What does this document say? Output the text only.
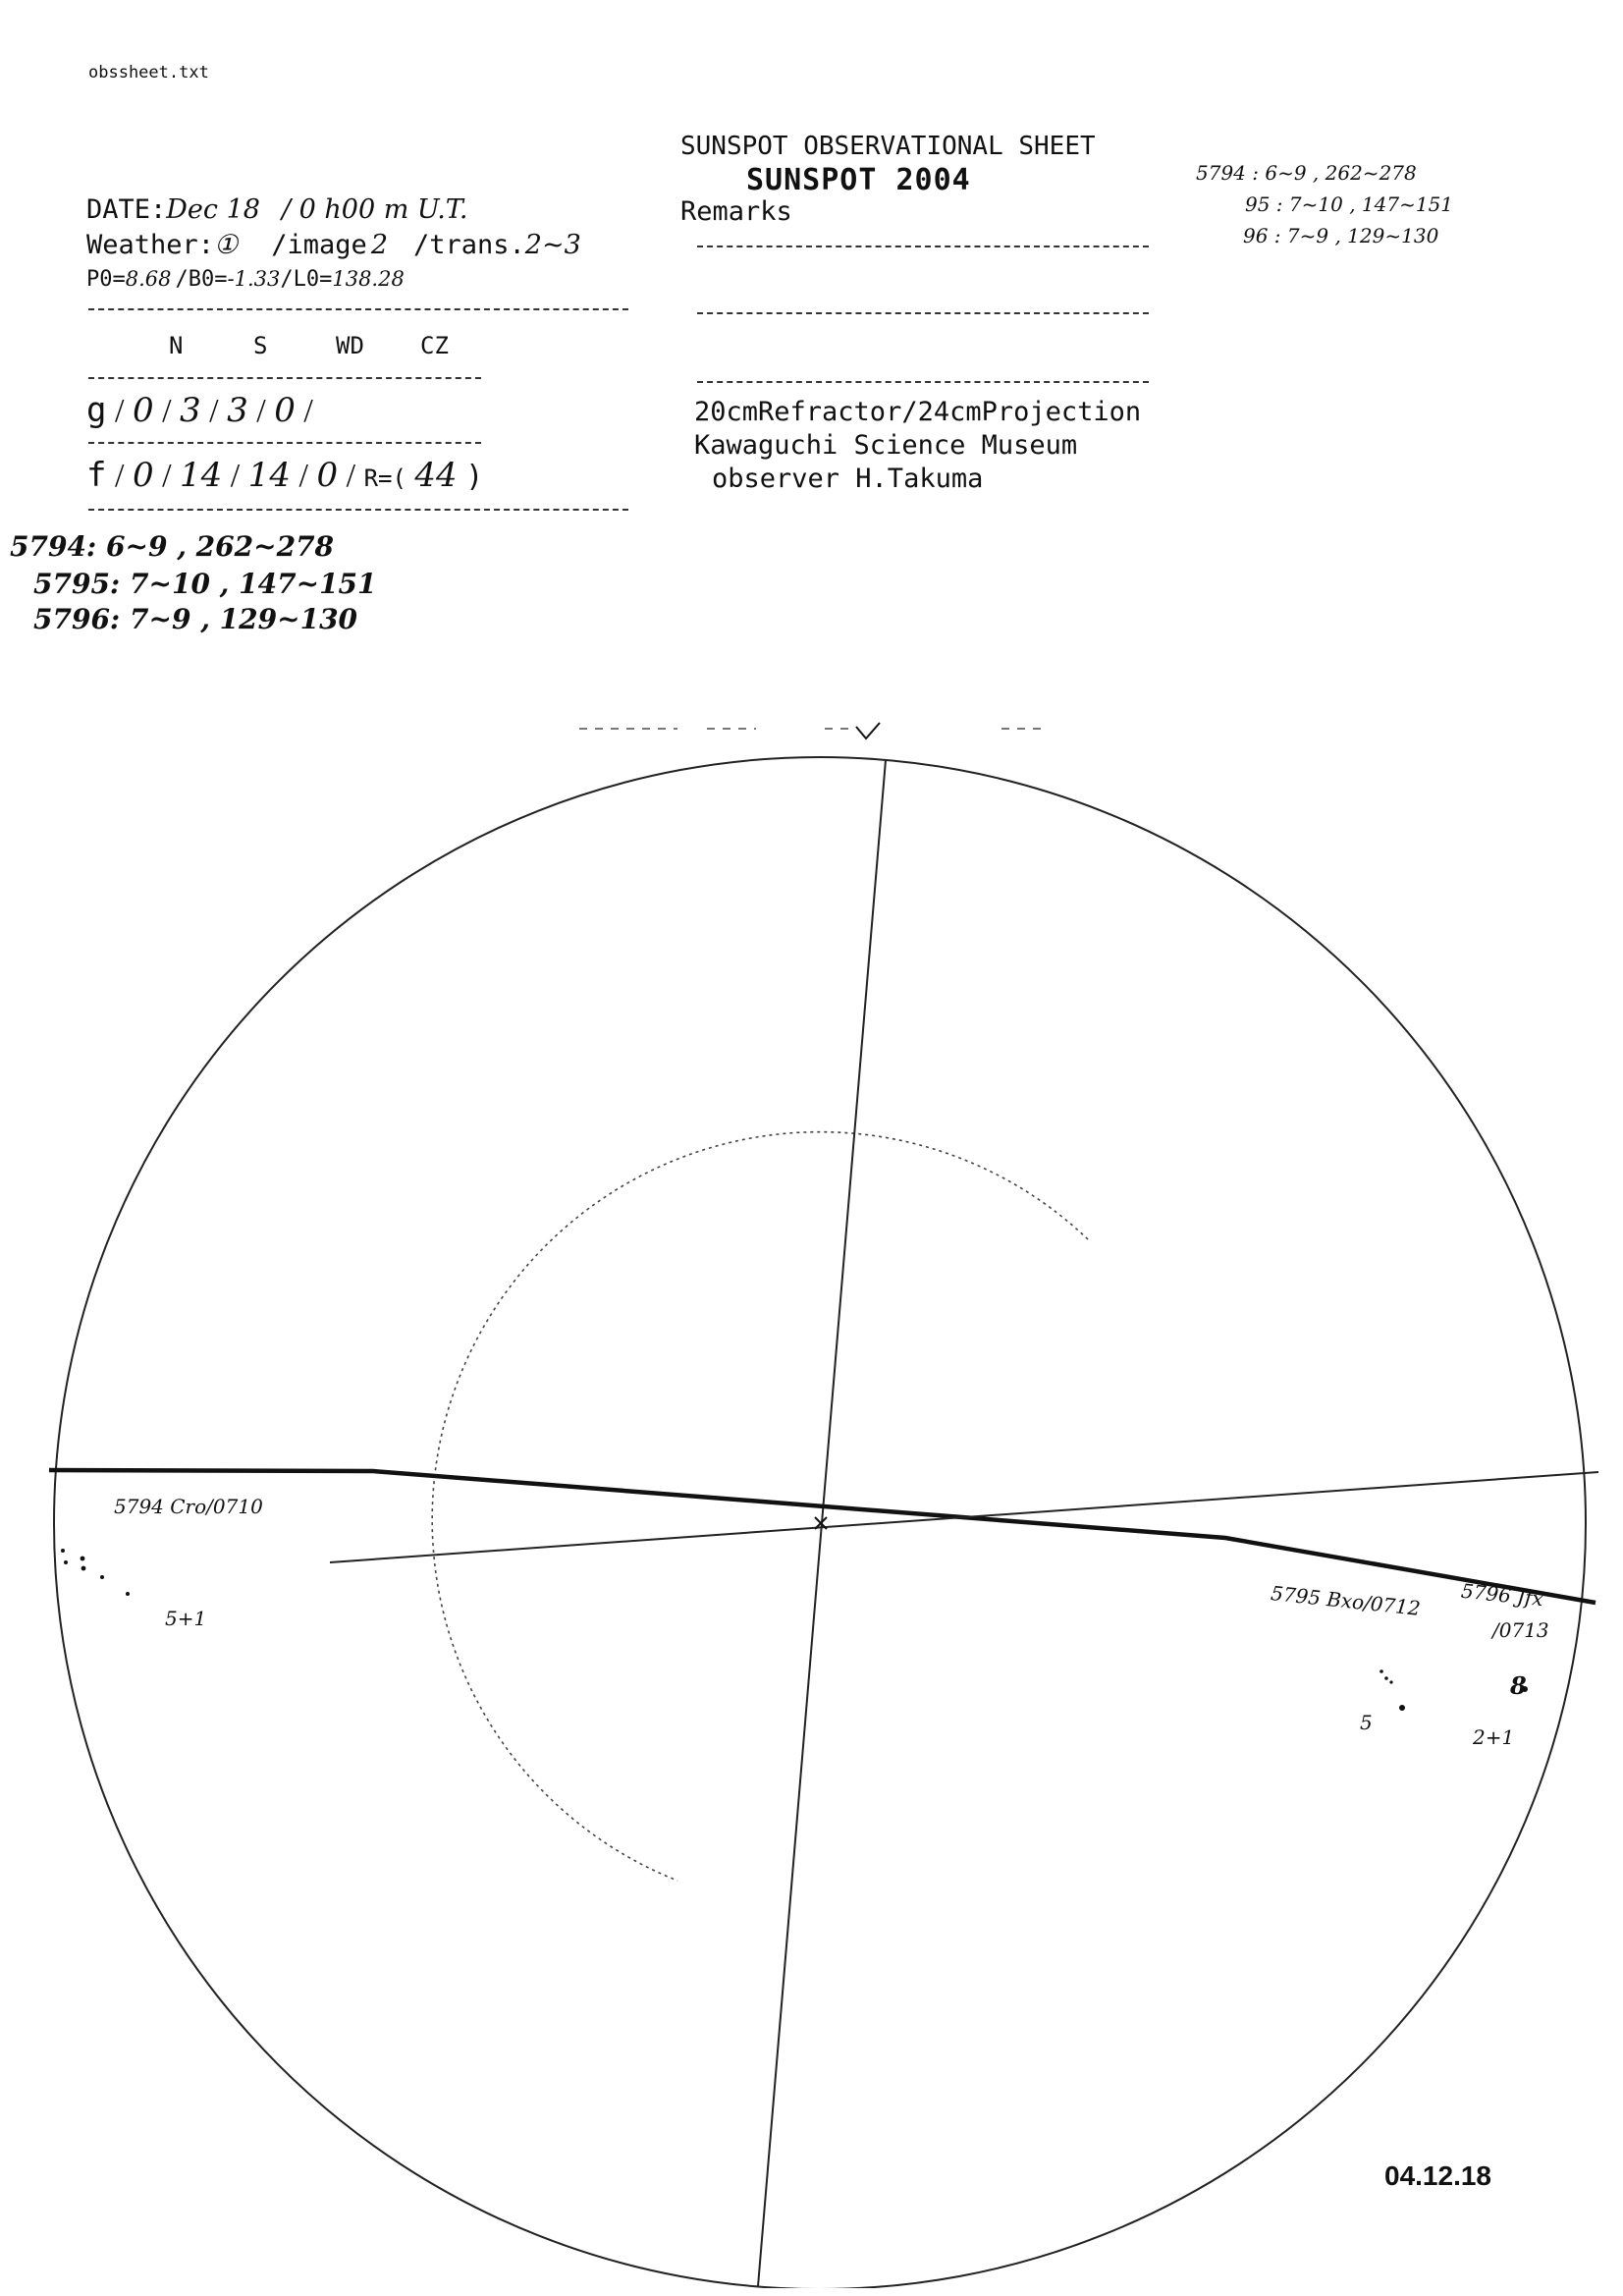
obssheet.txt
SUNSPOT OBSERVATIONAL SHEET
SUNSPOT 2004
DATE:Dec 18 / 0 h00 m U.T.
Weather:① /image 2 /trans.2~3
P0=8.68 /B0=-1.33/L0=138.28
N	S	WD CZ
g / 0 / 3 / 3 / 0 /
f / 0 / 14 / 14 / 0 / R=( 44 )
Remarks
20cmRefractor/24cmProjection
Kawaguchi Science Museum
observer H.Takuma
5794 : 6~9 , 262~278
95 : 7~10 , 147~151
96 : 7~9 , 129~130
5794: 6~9 , 262~278
5795: 7~10 , 147~151
5796: 7~9 , 129~130
5794 Cro/0710
5+1	5795 Bxo/0712
5
5796 Jfx
/0713
8
2+1
04.12.18
